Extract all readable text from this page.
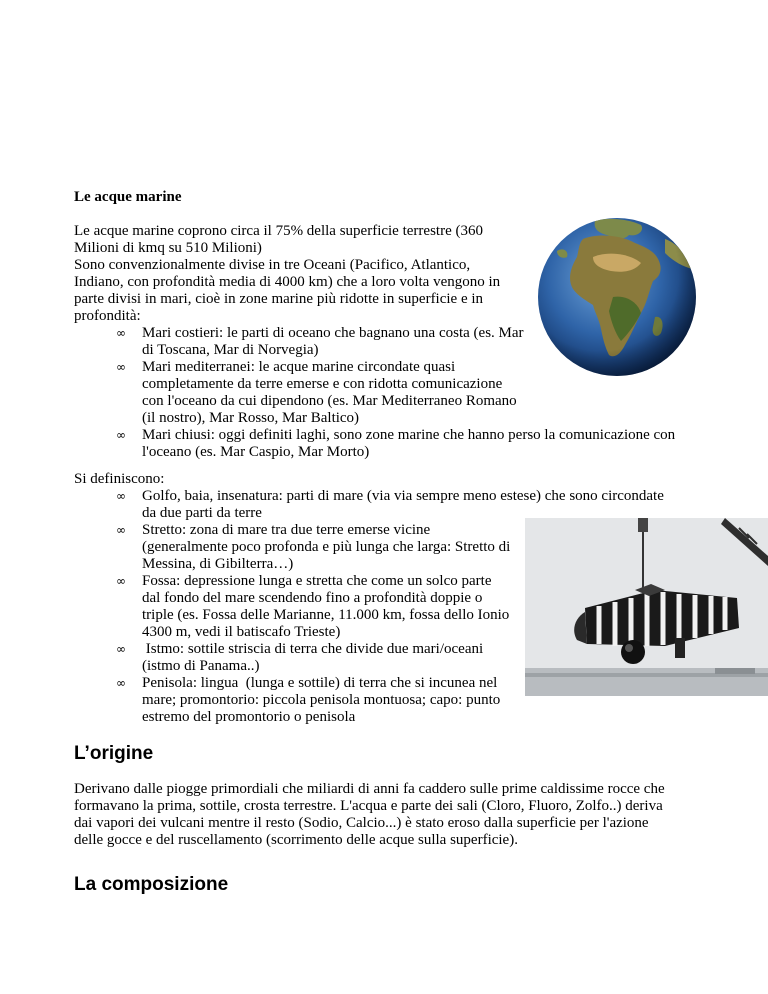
Le acque marine
Le acque marine coprono circa il 75% della superficie terrestre (360
Milioni di kmq su 510 Milioni)
Sono convenzionalmente divise in tre Oceani (Pacifico, Atlantico,
Indiano, con profondità media di 4000 km) che a loro volta vengono in
parte divisi in mari, cioè in zone marine più ridotte in superficie e in
profondità:
∞ Mari costieri: le parti di oceano che bagnano una costa (es. Mar
di Toscana, Mar di Norvegia)
∞ Mari mediterranei: le acque marine circondate quasi
completamente da terre emerse e con ridotta comunicazione
con l'oceano da cui dipendono (es. Mar Mediterraneo Romano
(il nostro), Mar Rosso, Mar Baltico)
∞ Mari chiusi: oggi definiti laghi, sono zone marine che hanno perso la comunicazione con
l'oceano (es. Mar Caspio, Mar Morto)
Si definiscono:
∞ Golfo, baia, insenatura: parti di mare (via via sempre meno estese) che sono circondate
da due parti da terre
∞ Stretto: zona di mare tra due terre emerse vicine
(generalmente poco profonda e più lunga che larga: Stretto di
Messina, di Gibilterra…)
∞ Fossa: depressione lunga e stretta che come un solco parte
dal fondo del mare scendendo fino a profondità doppie o
triple (es. Fossa delle Marianne, 11.000 km, fossa dello Ionio
4300 m, vedi il batiscafo Trieste)
∞ Istmo: sottile striscia di terra che divide due mari/oceani
(istmo di Panama..)
∞ Penisola: lingua  (lunga e sottile) di terra che si incunea nel
mare; promontorio: piccola penisola montuosa; capo: punto
estremo del promontorio o penisola
L’origine
Derivano dalle piogge primordiali che miliardi di anni fa caddero sulle prime caldissime rocce che
formavano la prima, sottile, crosta terrestre. L'acqua e parte dei sali (Cloro, Fluoro, Zolfo..) deriva
dai vapori dei vulcani mentre il resto (Sodio, Calcio...) è stato eroso dalla superficie per l'azione
delle gocce e del ruscellamento (scorrimento delle acque sulla superficie).
La composizione
